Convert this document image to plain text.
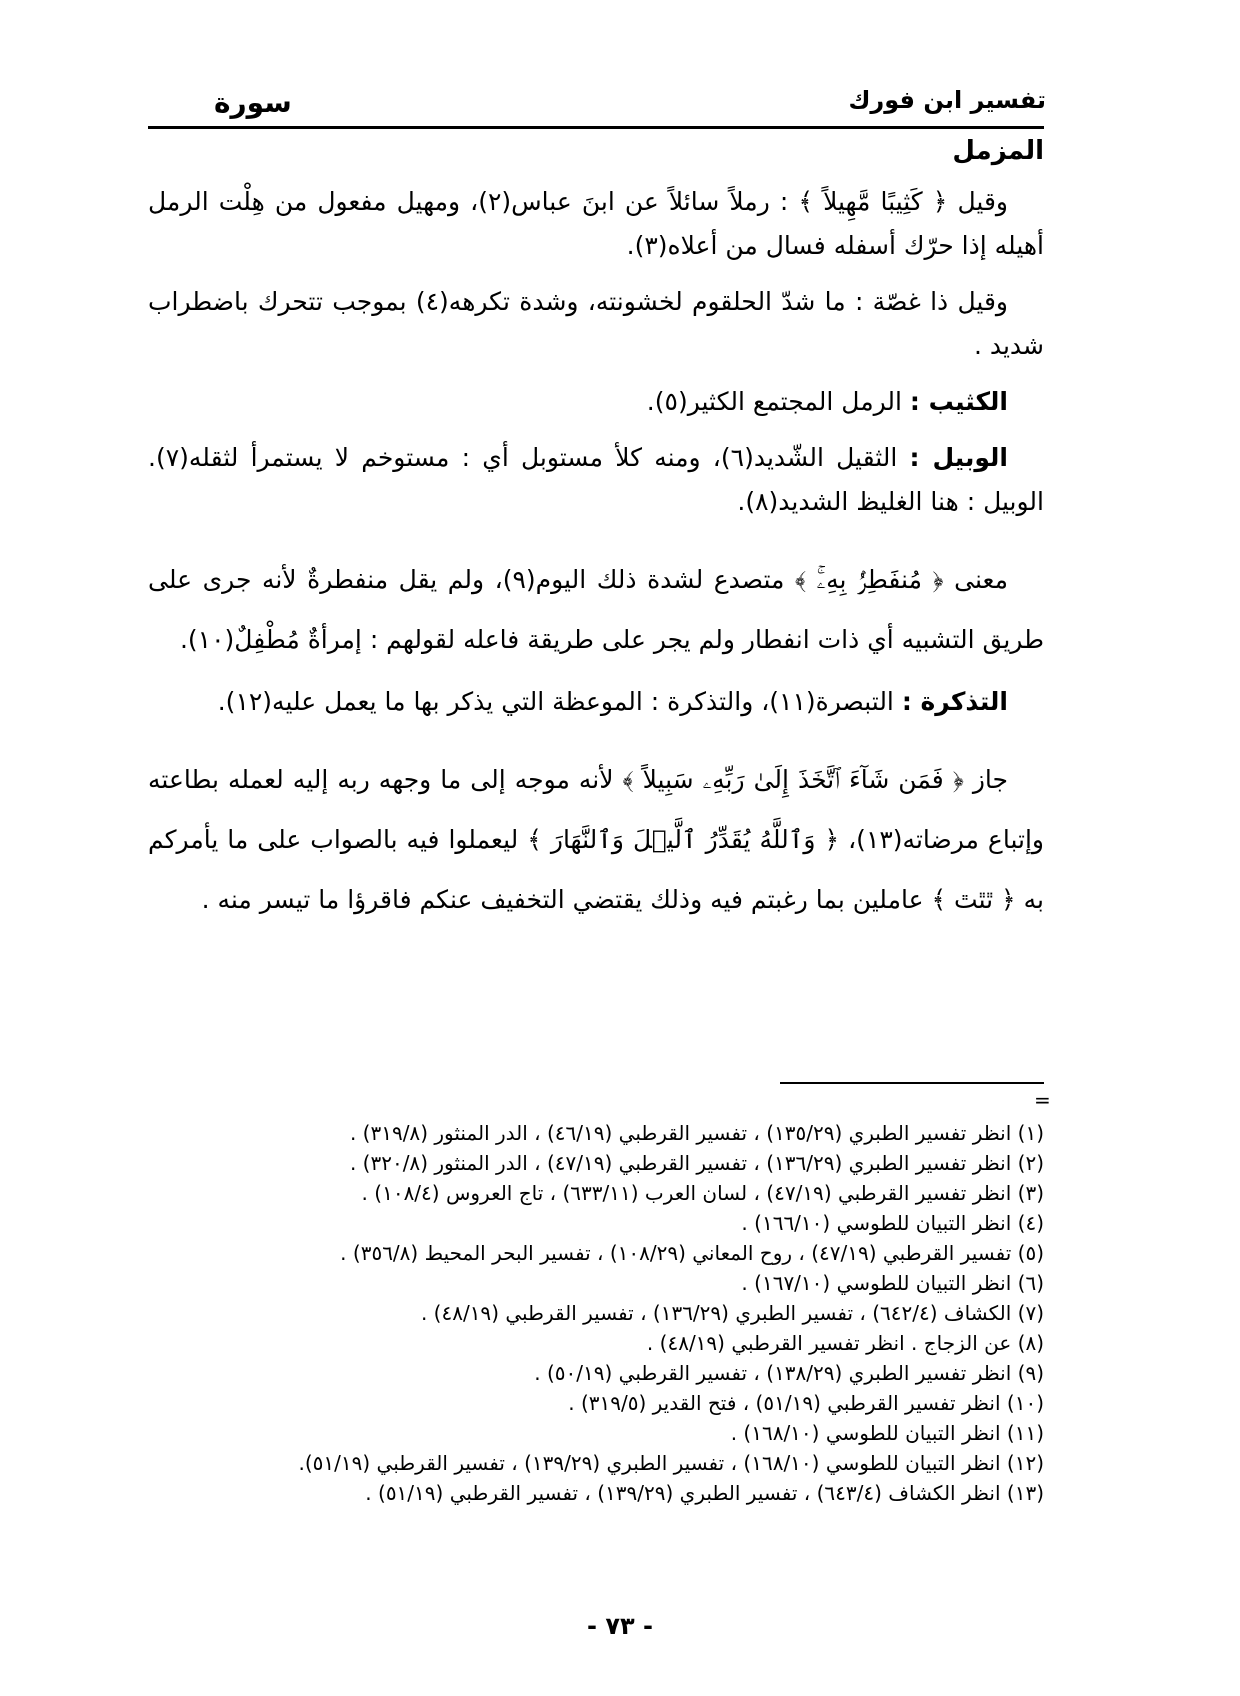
تفسير ابن فورك
سورة
المزمل

وقيل ﴿ كَثِيبًا مَّهِيلاً ﴾ : رملاً سائلاً عن ابنَ عباس(٢)، ومهيل مفعول من هِلْت الرمل أهيله إذا حرّك أسفله فسال من أعلاه(٣).

وقيل ذا غصّة : ما شدّ الحلقوم لخشونته، وشدة تكرهه(٤) بموجب تتحرك باضطراب شديد .

الكثيب : الرمل المجتمع الكثير(٥).

الوبيل : الثقيل الشّديد(٦)، ومنه كلأ مستوبل أي : مستوخم لا يستمرأ لثقله(٧). الوبيل : هنا الغليظ الشديد(٨).

معنى ﴿ مُنفَطِرُۢ بِهِۦۚ ﴾ متصدع لشدة ذلك اليوم(٩)، ولم يقل منفطرةٌ لأنه جرى على طريق التشبيه أي ذات انفطار ولم يجر على طريقة فاعله لقولهم : إمرأةٌ مُطْفِلٌ(١٠).

التذكرة : التبصرة(١١)، والتذكرة : الموعظة التي يذكر بها ما يعمل عليه(١٢).

جاز ﴿ فَمَن شَآءَ ٱتَّخَذَ إِلَىٰ رَبِّهِۦ سَبِيلاً ﴾ لأنه موجه إلى ما وجهه ربه إليه لعمله بطاعته وإتباع مرضاته(١٣)، ﴿ وَٱللَّهُ يُقَدِّرُ ٱلَّيۡلَ وَٱلنَّهَارَ ﴾ ليعملوا فيه بالصواب على ما يأمركم به ﴿ ٿٿٿ ﴾ عاملين بما رغبتم فيه وذلك يقتضي التخفيف عنكم فاقرؤا ما تيسر منه .

=
(١) انظر تفسير الطبري (١٣٥/٢٩) ، تفسير القرطبي (٤٦/١٩) ، الدر المنثور (٣١٩/٨) .
(٢) انظر تفسير الطبري (١٣٦/٢٩) ، تفسير القرطبي (٤٧/١٩) ، الدر المنثور (٣٢٠/٨) .
(٣) انظر تفسير القرطبي (٤٧/١٩) ، لسان العرب (٦٣٣/١١) ، تاج العروس (١٠٨/٤) .
(٤) انظر التبيان للطوسي (١٦٦/١٠) .
(٥) تفسير القرطبي (٤٧/١٩) ، روح المعاني (١٠٨/٢٩) ، تفسير البحر المحيط (٣٥٦/٨) .
(٦) انظر التبيان للطوسي (١٦٧/١٠) .
(٧) الكشاف (٦٤٢/٤) ، تفسير الطبري (١٣٦/٢٩) ، تفسير القرطبي (٤٨/١٩) .
(٨) عن الزجاج . انظر تفسير القرطبي (٤٨/١٩) .
(٩) انظر تفسير الطبري (١٣٨/٢٩) ، تفسير القرطبي (٥٠/١٩) .
(١٠) انظر تفسير القرطبي (٥١/١٩) ، فتح القدير (٣١٩/٥) .
(١١) انظر التبيان للطوسي (١٦٨/١٠) .
(١٢) انظر التبيان للطوسي (١٦٨/١٠) ، تفسير الطبري (١٣٩/٢٩) ، تفسير القرطبي (٥١/١٩).
(١٣) انظر الكشاف (٦٤٣/٤) ، تفسير الطبري (١٣٩/٢٩) ، تفسير القرطبي (٥١/١٩) .
- ٧٣ -
